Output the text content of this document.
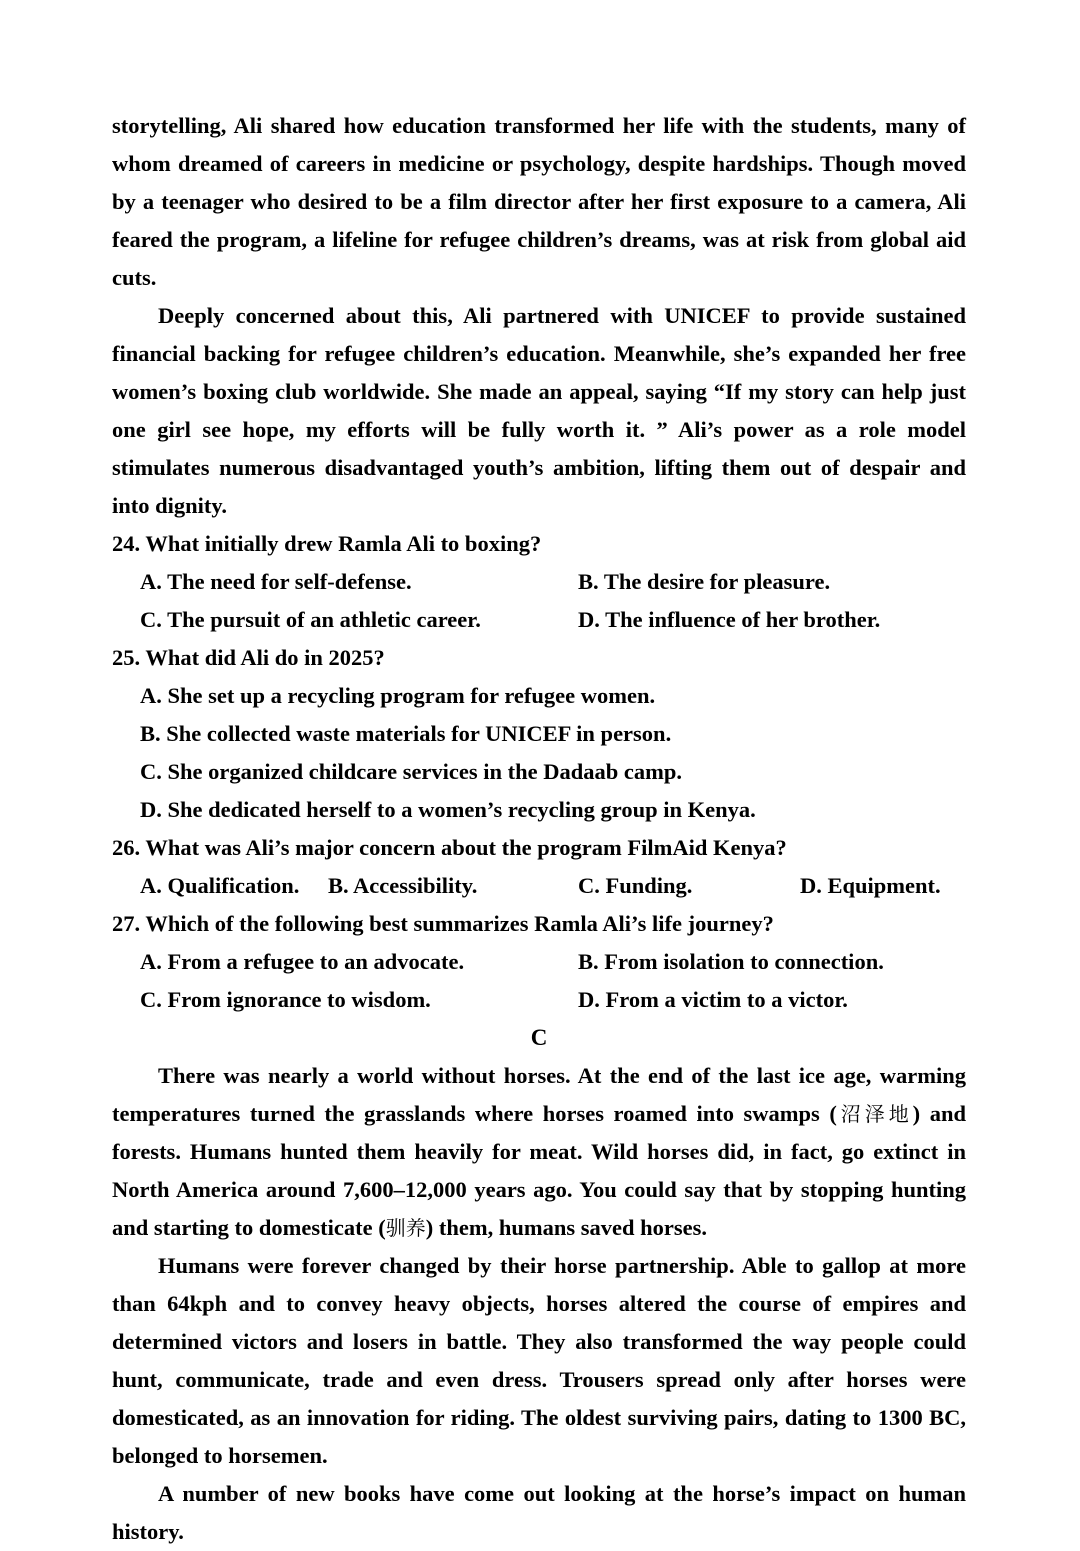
storytelling, Ali shared how education transformed her life with the students, many of whom dreamed of careers in medicine or psychology, despite hardships. Though moved by a teenager who desired to be a film director after her first exposure to a camera, Ali feared the program, a lifeline for refugee children’s dreams, was at risk from global aid cuts.

Deeply concerned about this, Ali partnered with UNICEF to provide sustained financial backing for refugee children’s education. Meanwhile, she’s expanded her free women’s boxing club worldwide. She made an appeal, saying “If my story can help just one girl see hope, my efforts will be fully worth it. ” Ali’s power as a role model stimulates numerous disadvantaged youth’s ambition, lifting them out of despair and into dignity.

24. What initially drew Ramla Ali to boxing?

A. The need for self-defense.	B. The desire for pleasure.
C. The pursuit of an athletic career.	D. The influence of her brother.

25. What did Ali do in 2025?

A. She set up a recycling program for refugee women.
B. She collected waste materials for UNICEF in person.
C. She organized childcare services in the Dadaab camp.
D. She dedicated herself to a women’s recycling group in Kenya.

26. What was Ali’s major concern about the program FilmAid Kenya?

A. Qualification. B. Accessibility.	C. Funding.	D. Equipment.

27. Which of the following best summarizes Ramla Ali’s life journey?

A. From a refugee to an advocate.	B. From isolation to connection.
C. From ignorance to wisdom.	D. From a victim to a victor.

C

There was nearly a world without horses. At the end of the last ice age, warming temperatures turned the grasslands where horses roamed into swamps (沼泽地) and forests. Humans hunted them heavily for meat. Wild horses did, in fact, go extinct in North America around 7,600–12,000 years ago. You could say that by stopping hunting and starting to domesticate (驯养) them, humans saved horses.

Humans were forever changed by their horse partnership. Able to gallop at more than 64kph and to convey heavy objects, horses altered the course of empires and determined victors and losers in battle. They also transformed the way people could hunt, communicate, trade and even dress. Trousers spread only after horses were domesticated, as an innovation for riding. The oldest surviving pairs, dating to 1300 BC, belonged to horsemen.

A number of new books have come out looking at the horse’s impact on human history.
